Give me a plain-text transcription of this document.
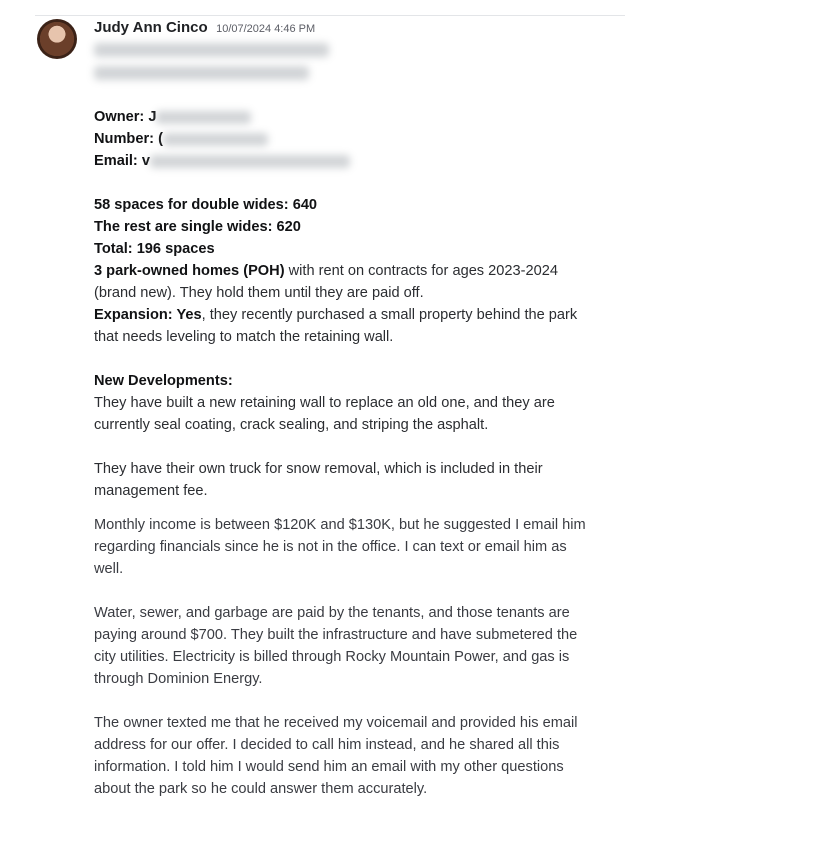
Judy Ann Cinco 10/07/2024 4:46 PM

Owner: J

Number: (

Email: v

58 spaces for double wides: 640

The rest are single wides: 620

Total: 196 spaces

3 park-owned homes (POH) with rent on contracts for ages 2023-2024 (brand new). They hold them until they are paid off.

Expansion: Yes, they recently purchased a small property behind the park that needs leveling to match the retaining wall.

New Developments:

They have built a new retaining wall to replace an old one, and they are currently seal coating, crack sealing, and striping the asphalt.

They have their own truck for snow removal, which is included in their management fee.

Monthly income is between $120K and $130K, but he suggested I email him regarding financials since he is not in the office. I can text or email him as well.

Water, sewer, and garbage are paid by the tenants, and those tenants are paying around $700. They built the infrastructure and have submetered the city utilities. Electricity is billed through Rocky Mountain Power, and gas is through Dominion Energy.

The owner texted me that he received my voicemail and provided his email address for our offer. I decided to call him instead, and he shared all this information. I told him I would send him an email with my other questions about the park so he could answer them accurately.
